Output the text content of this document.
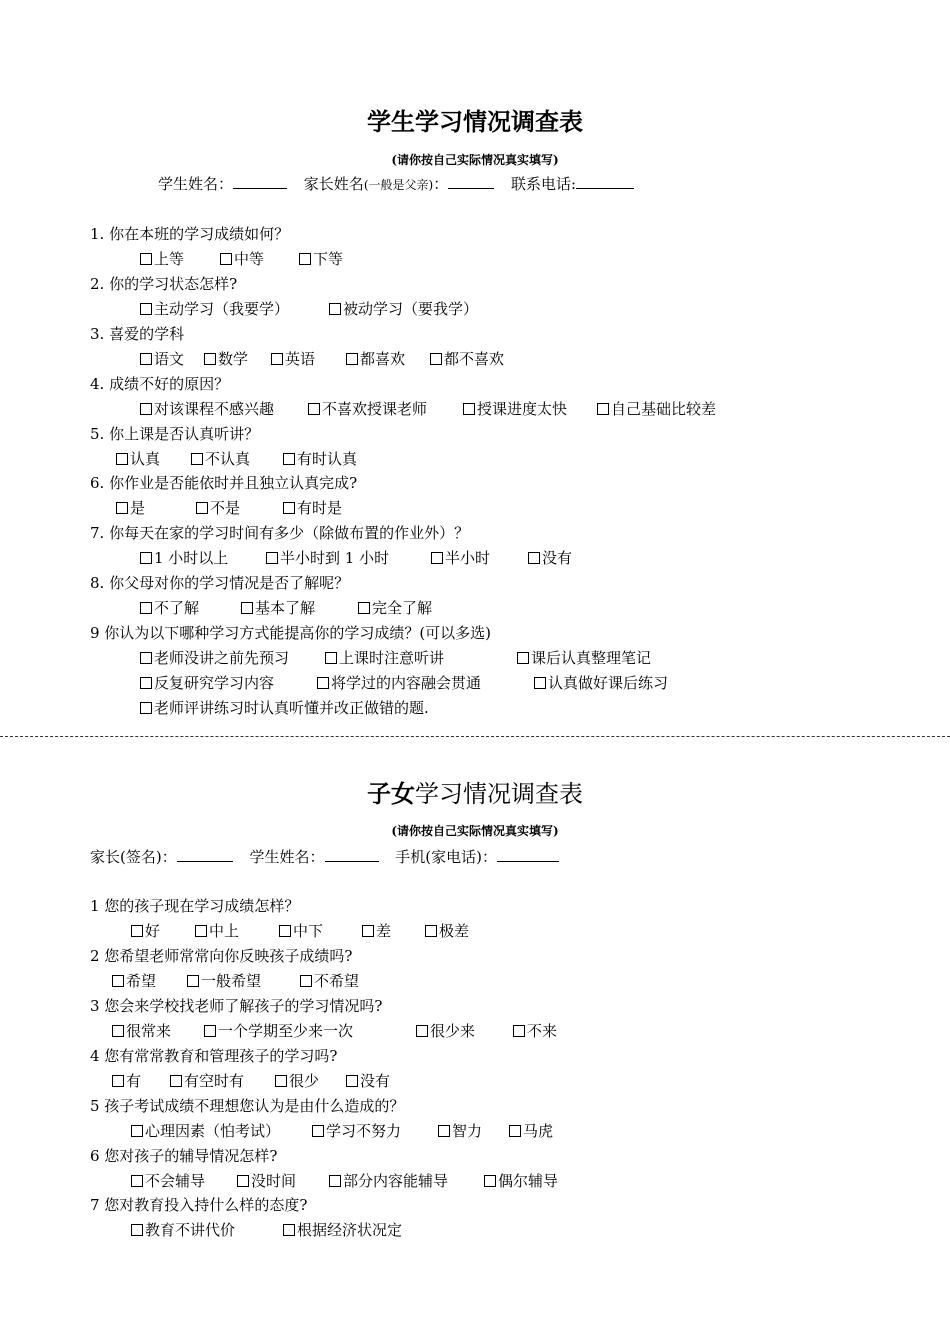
学生学习情况调查表
(请你按自己实际情况真实填写)
学生姓名：	家长姓名(一般是父亲)：	联系电话:
1. 你在本班的学习成绩如何？
上等	中等	下等
2. 你的学习状态怎样?
主动学习（我要学）	被动学习（要我学）
3. 喜爱的学科
语文	数学	英语	都喜欢	都不喜欢
4. 成绩不好的原因？
对该课程不感兴趣	不喜欢授课老师	授课进度太快	自己基础比较差
5. 你上课是否认真听讲？
认真	不认真	有时认真
6. 你作业是否能依时并且独立认真完成?
是	不是	有时是
7. 你每天在家的学习时间有多少（除做布置的作业外）？
1 小时以上	半小时到 1 小时	半小时	没有
8. 你父母对你的学习情况是否了解呢？
不了解	基本了解	完全了解
9 你认为以下哪种学习方式能提高你的学习成绩？(可以多选)
老师没讲之前先预习	上课时注意听讲	课后认真整理笔记
反复研究学习内容	将学过的内容融会贯通	认真做好课后练习
老师评讲练习时认真听懂并改正做错的题.
子女学习情况调查表
(请你按自己实际情况真实填写)
家长(签名)：	学生姓名：	手机(家电话)：
1 您的孩子现在学习成绩怎样？
好	中上	中下	差	极差
2 您希望老师常常向你反映孩子成绩吗?
希望	一般希望	不希望
3 您会来学校找老师了解孩子的学习情况吗?
很常来	一个学期至少来一次	很少来	不来
4 您有常常教育和管理孩子的学习吗?
有	有空时有	很少	没有
5 孩子考试成绩不理想您认为是由什么造成的？
心理因素（怕考试）	学习不努力	智力	马虎
6 您对孩子的辅导情况怎样?
不会辅导	没时间	部分内容能辅导	偶尔辅导
7 您对教育投入持什么样的态度?
教育不讲代价	根据经济状况定
